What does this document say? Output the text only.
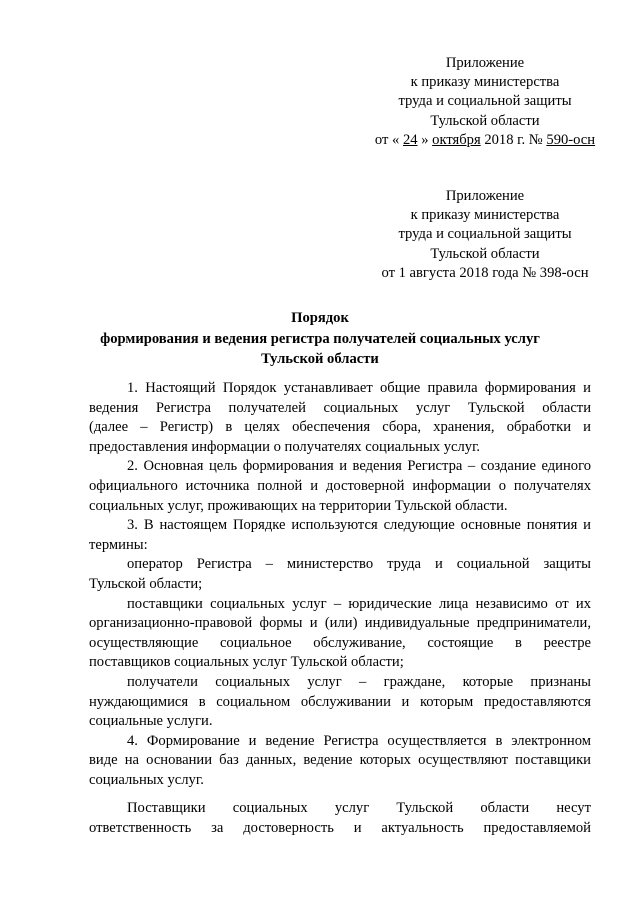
Приложение
к приказу министерства
труда и социальной защиты
Тульской области
от « 24 » октября 2018 г. № 590-осн
Приложение
к приказу министерства
труда и социальной защиты
Тульской области
от 1 августа 2018 года № 398-осн
Порядок
формирования и ведения регистра получателей социальных услуг
Тульской области
1. Настоящий Порядок устанавливает общие правила формирования и
ведения Регистра получателей социальных услуг Тульской области
(далее – Регистр) в целях обеспечения сбора, хранения, обработки и
предоставления информации о получателях социальных услуг.
2. Основная цель формирования и ведения Регистра – создание единого
официального источника полной и достоверной информации о получателях
социальных услуг, проживающих на территории Тульской области.
3. В настоящем Порядке используются следующие основные понятия и
термины:
оператор Регистра – министерство труда и социальной защиты
Тульской области;
поставщики социальных услуг – юридические лица независимо от их
организационно-правовой формы и (или) индивидуальные предприниматели,
осуществляющие социальное обслуживание, состоящие в реестре
поставщиков социальных услуг Тульской области;
получатели социальных услуг – граждане, которые признаны
нуждающимися в социальном обслуживании и которым предоставляются
социальные услуги.
4. Формирование и ведение Регистра осуществляется в электронном
виде на основании баз данных, ведение которых осуществляют поставщики
социальных услуг.
Поставщики социальных услуг Тульской области несут
ответственность за достоверность и актуальность предоставляемой
